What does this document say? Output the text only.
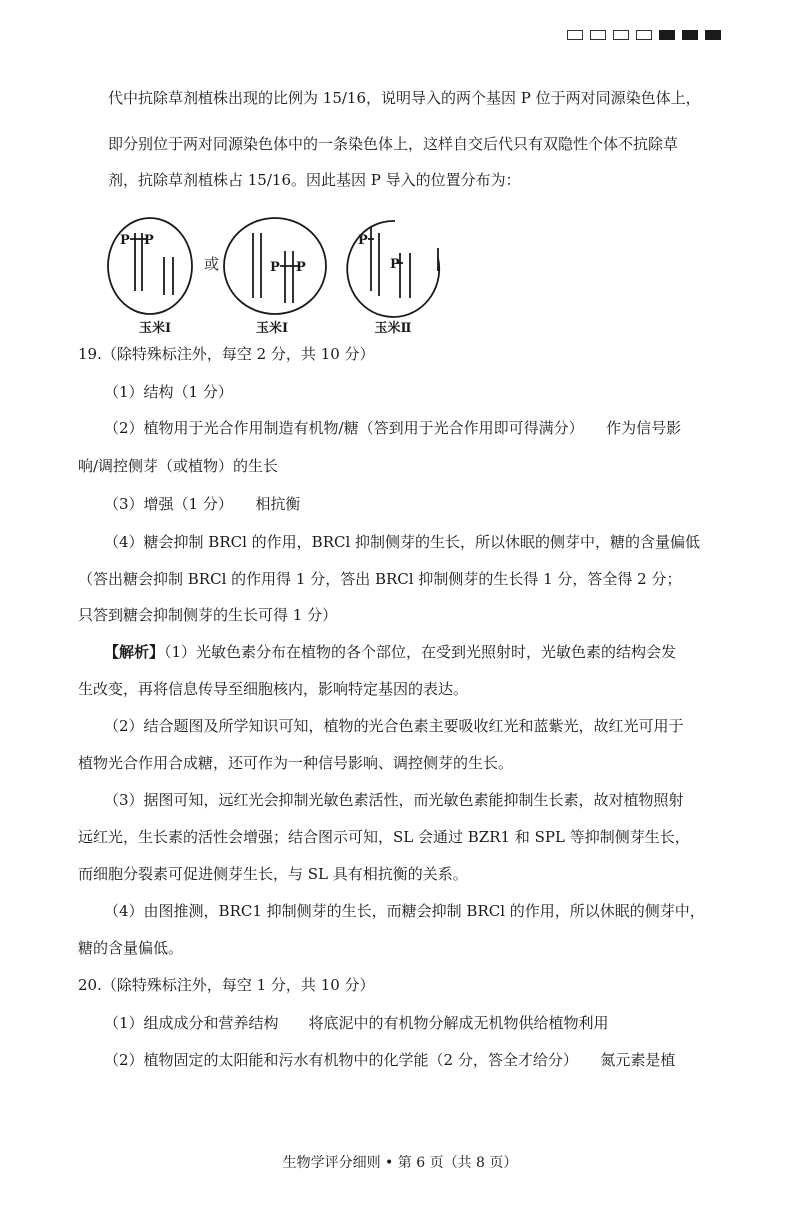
代中抗除草剂植株出现的比例为 15/16，说明导入的两个基因 P 位于两对同源染色体上，
即分别位于两对同源染色体中的一条染色体上，这样自交后代只有双隐性个体不抗除草
剂，抗除草剂植株占 15/16。因此基因 P 导入的位置分布为：
P P
P P
P
P
或
玉米Ⅰ	玉米Ⅰ	玉米Ⅱ
19.（除特殊标注外，每空 2 分，共 10 分）
（1）结构（1 分）
（2）植物用于光合作用制造有机物/糖（答到用于光合作用即可得满分）　　作为信号影
响/调控侧芽（或植物）的生长
（3）增强（1 分）　　相抗衡
（4）糖会抑制 BRCl 的作用，BRCl 抑制侧芽的生长，所以休眠的侧芽中，糖的含量偏低
（答出糖会抑制 BRCl 的作用得 1 分，答出 BRCl 抑制侧芽的生长得 1 分，答全得 2 分；
只答到糖会抑制侧芽的生长可得 1 分）
【解析】（1）光敏色素分布在植物的各个部位，在受到光照射时，光敏色素的结构会发
生改变，再将信息传导至细胞核内，影响特定基因的表达。
（2）结合题图及所学知识可知，植物的光合色素主要吸收红光和蓝紫光，故红光可用于
植物光合作用合成糖，还可作为一种信号影响、调控侧芽的生长。
（3）据图可知，远红光会抑制光敏色素活性，而光敏色素能抑制生长素，故对植物照射
远红光，生长素的活性会增强；结合图示可知，SL 会通过 BZR1 和 SPL 等抑制侧芽生长，
而细胞分裂素可促进侧芽生长，与 SL 具有相抗衡的关系。
（4）由图推测，BRC1 抑制侧芽的生长，而糖会抑制 BRCl 的作用，所以休眠的侧芽中，
糖的含量偏低。
20.（除特殊标注外，每空 1 分，共 10 分）
（1）组成成分和营养结构　　将底泥中的有机物分解成无机物供给植物利用
（2）植物固定的太阳能和污水有机物中的化学能（2 分，答全才给分）　　氮元素是植
生物学评分细则 • 第 6 页（共 8 页）
